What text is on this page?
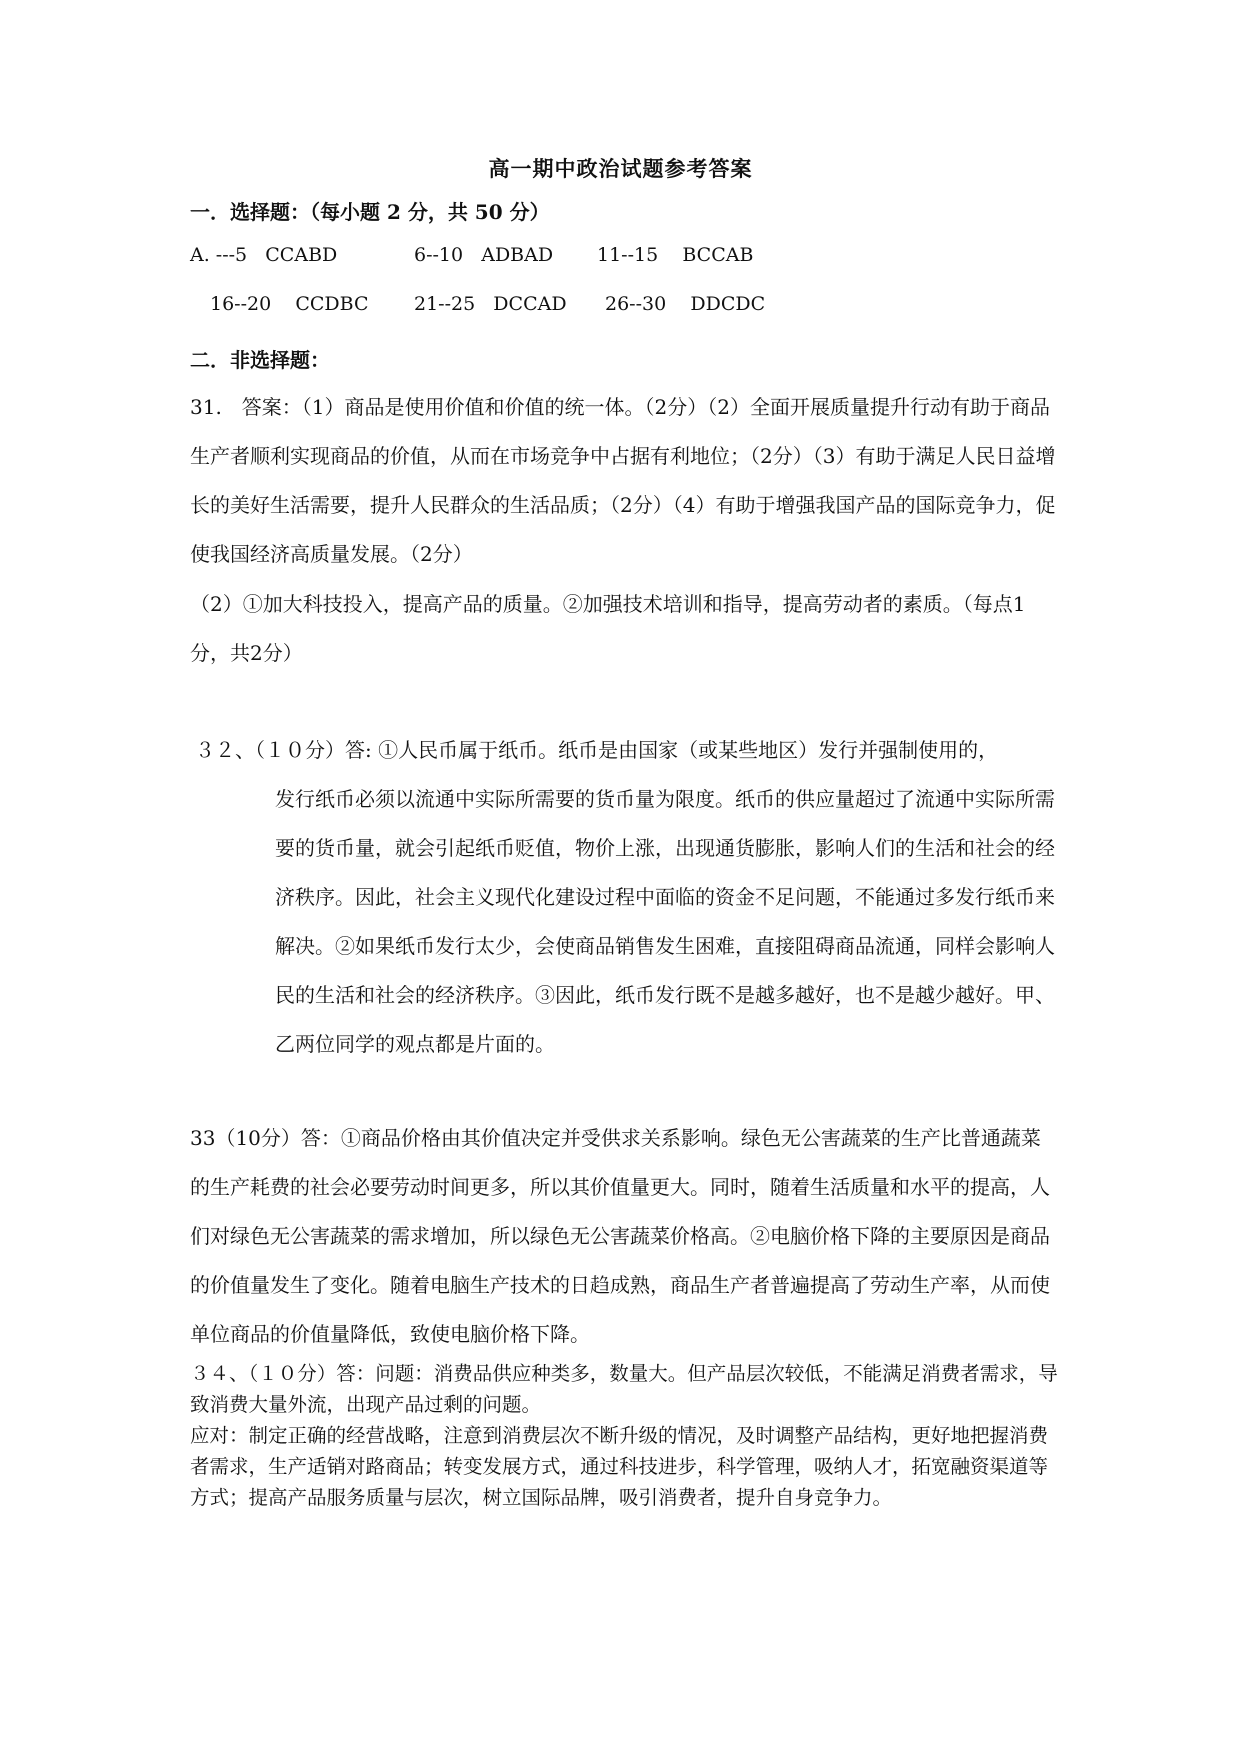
高一期中政治试题参考答案
一．选择题：（每小题 2 分，共 50 分）
A. ---5   CCABD	6--10   ADBAD 11--15    BCCAB
16--20    CCDBC 21--25   DCCAD 26--30    DDCDC
二．非选择题：

31.　答案：（1）商品是使用价值和价值的统一体。（2分）（2）全面开展质量提升行动有助于商品生产者顺利实现商品的价值，从而在市场竞争中占据有利地位；（2分）（3）有助于满足人民日益增长的美好生活需要，提升人民群众的生活品质；（2分）（4）有助于增强我国产品的国际竞争力，促使我国经济高质量发展。（2分）

（2）①加大科技投入，提高产品的质量。②加强技术培训和指导，提高劳动者的素质。（每点1分，共2分）

３２、（１０分）答: ①人民币属于纸币。纸币是由国家（或某些地区）发行并强制使用的，
发行纸币必须以流通中实际所需要的货币量为限度。纸币的供应量超过了流通中实际所需要的货币量，就会引起纸币贬值，物价上涨，出现通货膨胀，影响人们的生活和社会的经济秩序。因此，社会主义现代化建设过程中面临的资金不足问题，不能通过多发行纸币来解决。②如果纸币发行太少，会使商品销售发生困难，直接阻碍商品流通，同样会影响人民的生活和社会的经济秩序。③因此，纸币发行既不是越多越好，也不是越少越好。甲、乙两位同学的观点都是片面的。

33（10分）答：①商品价格由其价值决定并受供求关系影响。绿色无公害蔬菜的生产比普通蔬菜的生产耗费的社会必要劳动时间更多，所以其价值量更大。同时，随着生活质量和水平的提高，人们对绿色无公害蔬菜的需求增加，所以绿色无公害蔬菜价格高。②电脑价格下降的主要原因是商品的价值量发生了变化。随着电脑生产技术的日趋成熟，商品生产者普遍提高了劳动生产率，从而使单位商品的价值量降低，致使电脑价格下降。

３４、（１０分）答：问题：消费品供应种类多，数量大。但产品层次较低，不能满足消费者需求，导致消费大量外流，出现产品过剩的问题。

应对：制定正确的经营战略，注意到消费层次不断升级的情况，及时调整产品结构，更好地把握消费者需求，生产适销对路商品；转变发展方式，通过科技进步，科学管理，吸纳人才，拓宽融资渠道等方式；提高产品服务质量与层次，树立国际品牌，吸引消费者，提升自身竞争力。
